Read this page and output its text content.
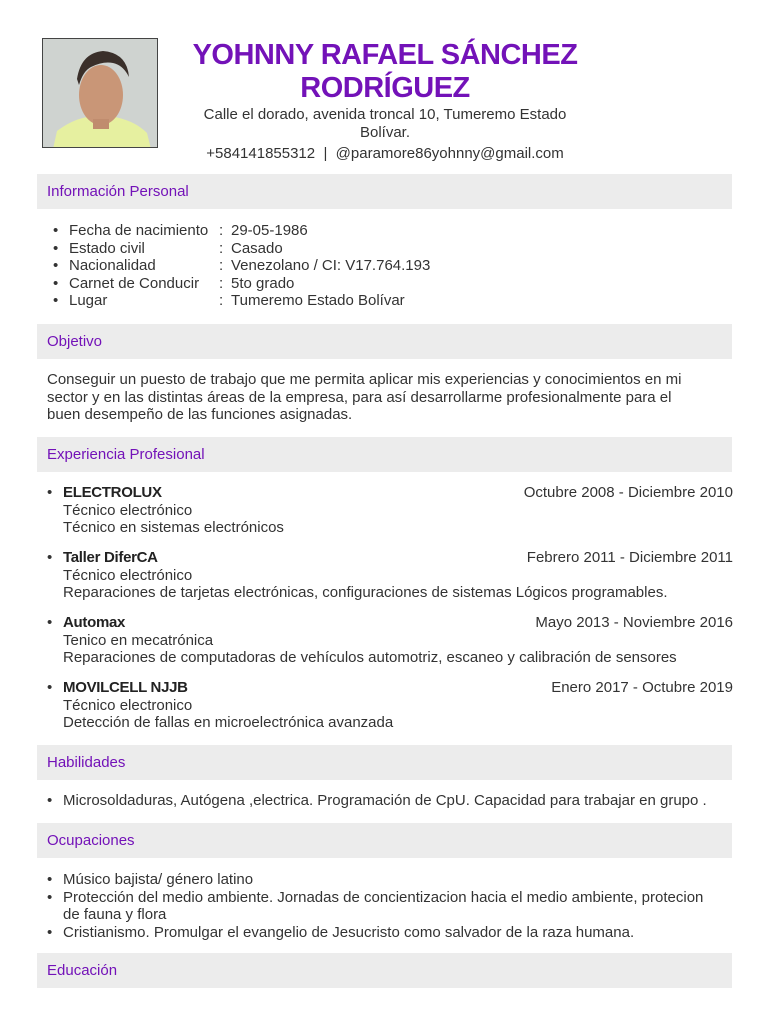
YOHNNY RAFAEL SÁNCHEZ
RODRÍGUEZ
Calle el dorado, avenida troncal 10, Tumeremo Estado
Bolívar.
+584141855312  |  @paramore86yohnny@gmail.com
Información Personal
• Fecha de nacimiento : 29-05-1986
• Estado civil	: Casado
• Nacionalidad	: Venezolano / CI: V17.764.193
• Carnet de Conducir	: 5to grado
• Lugar	: Tumeremo Estado Bolívar
Objetivo
Conseguir un puesto de trabajo que me permita aplicar mis experiencias y conocimientos en mi
sector y en las distintas áreas de la empresa, para así desarrollarme profesionalmente para el
buen desempeño de las funciones asignadas.
Experiencia Profesional
• ELECTROLUX	Octubre 2008 - Diciembre 2010
Técnico electrónico
Técnico en sistemas electrónicos
• Taller DiferCA	Febrero 2011 - Diciembre 2011
Técnico electrónico
Reparaciones de tarjetas electrónicas, configuraciones de sistemas Lógicos programables.
• Automax	Mayo 2013 - Noviembre 2016
Tenico en mecatrónica
Reparaciones de computadoras de vehículos automotriz, escaneo y calibración de sensores
• MOVILCELL NJJB	Enero 2017 - Octubre 2019
Técnico electronico
Detección de fallas en microelectrónica avanzada
Habilidades
• Microsoldaduras, Autógena ,electrica. Programación de CpU. Capacidad para trabajar en grupo .
Ocupaciones
• Músico bajista/ género latino
• Protección del medio ambiente. Jornadas de concientizacion hacia el medio ambiente, protecion
de fauna y flora
• Cristianismo. Promulgar el evangelio de Jesucristo como salvador de la raza humana.
Educación
